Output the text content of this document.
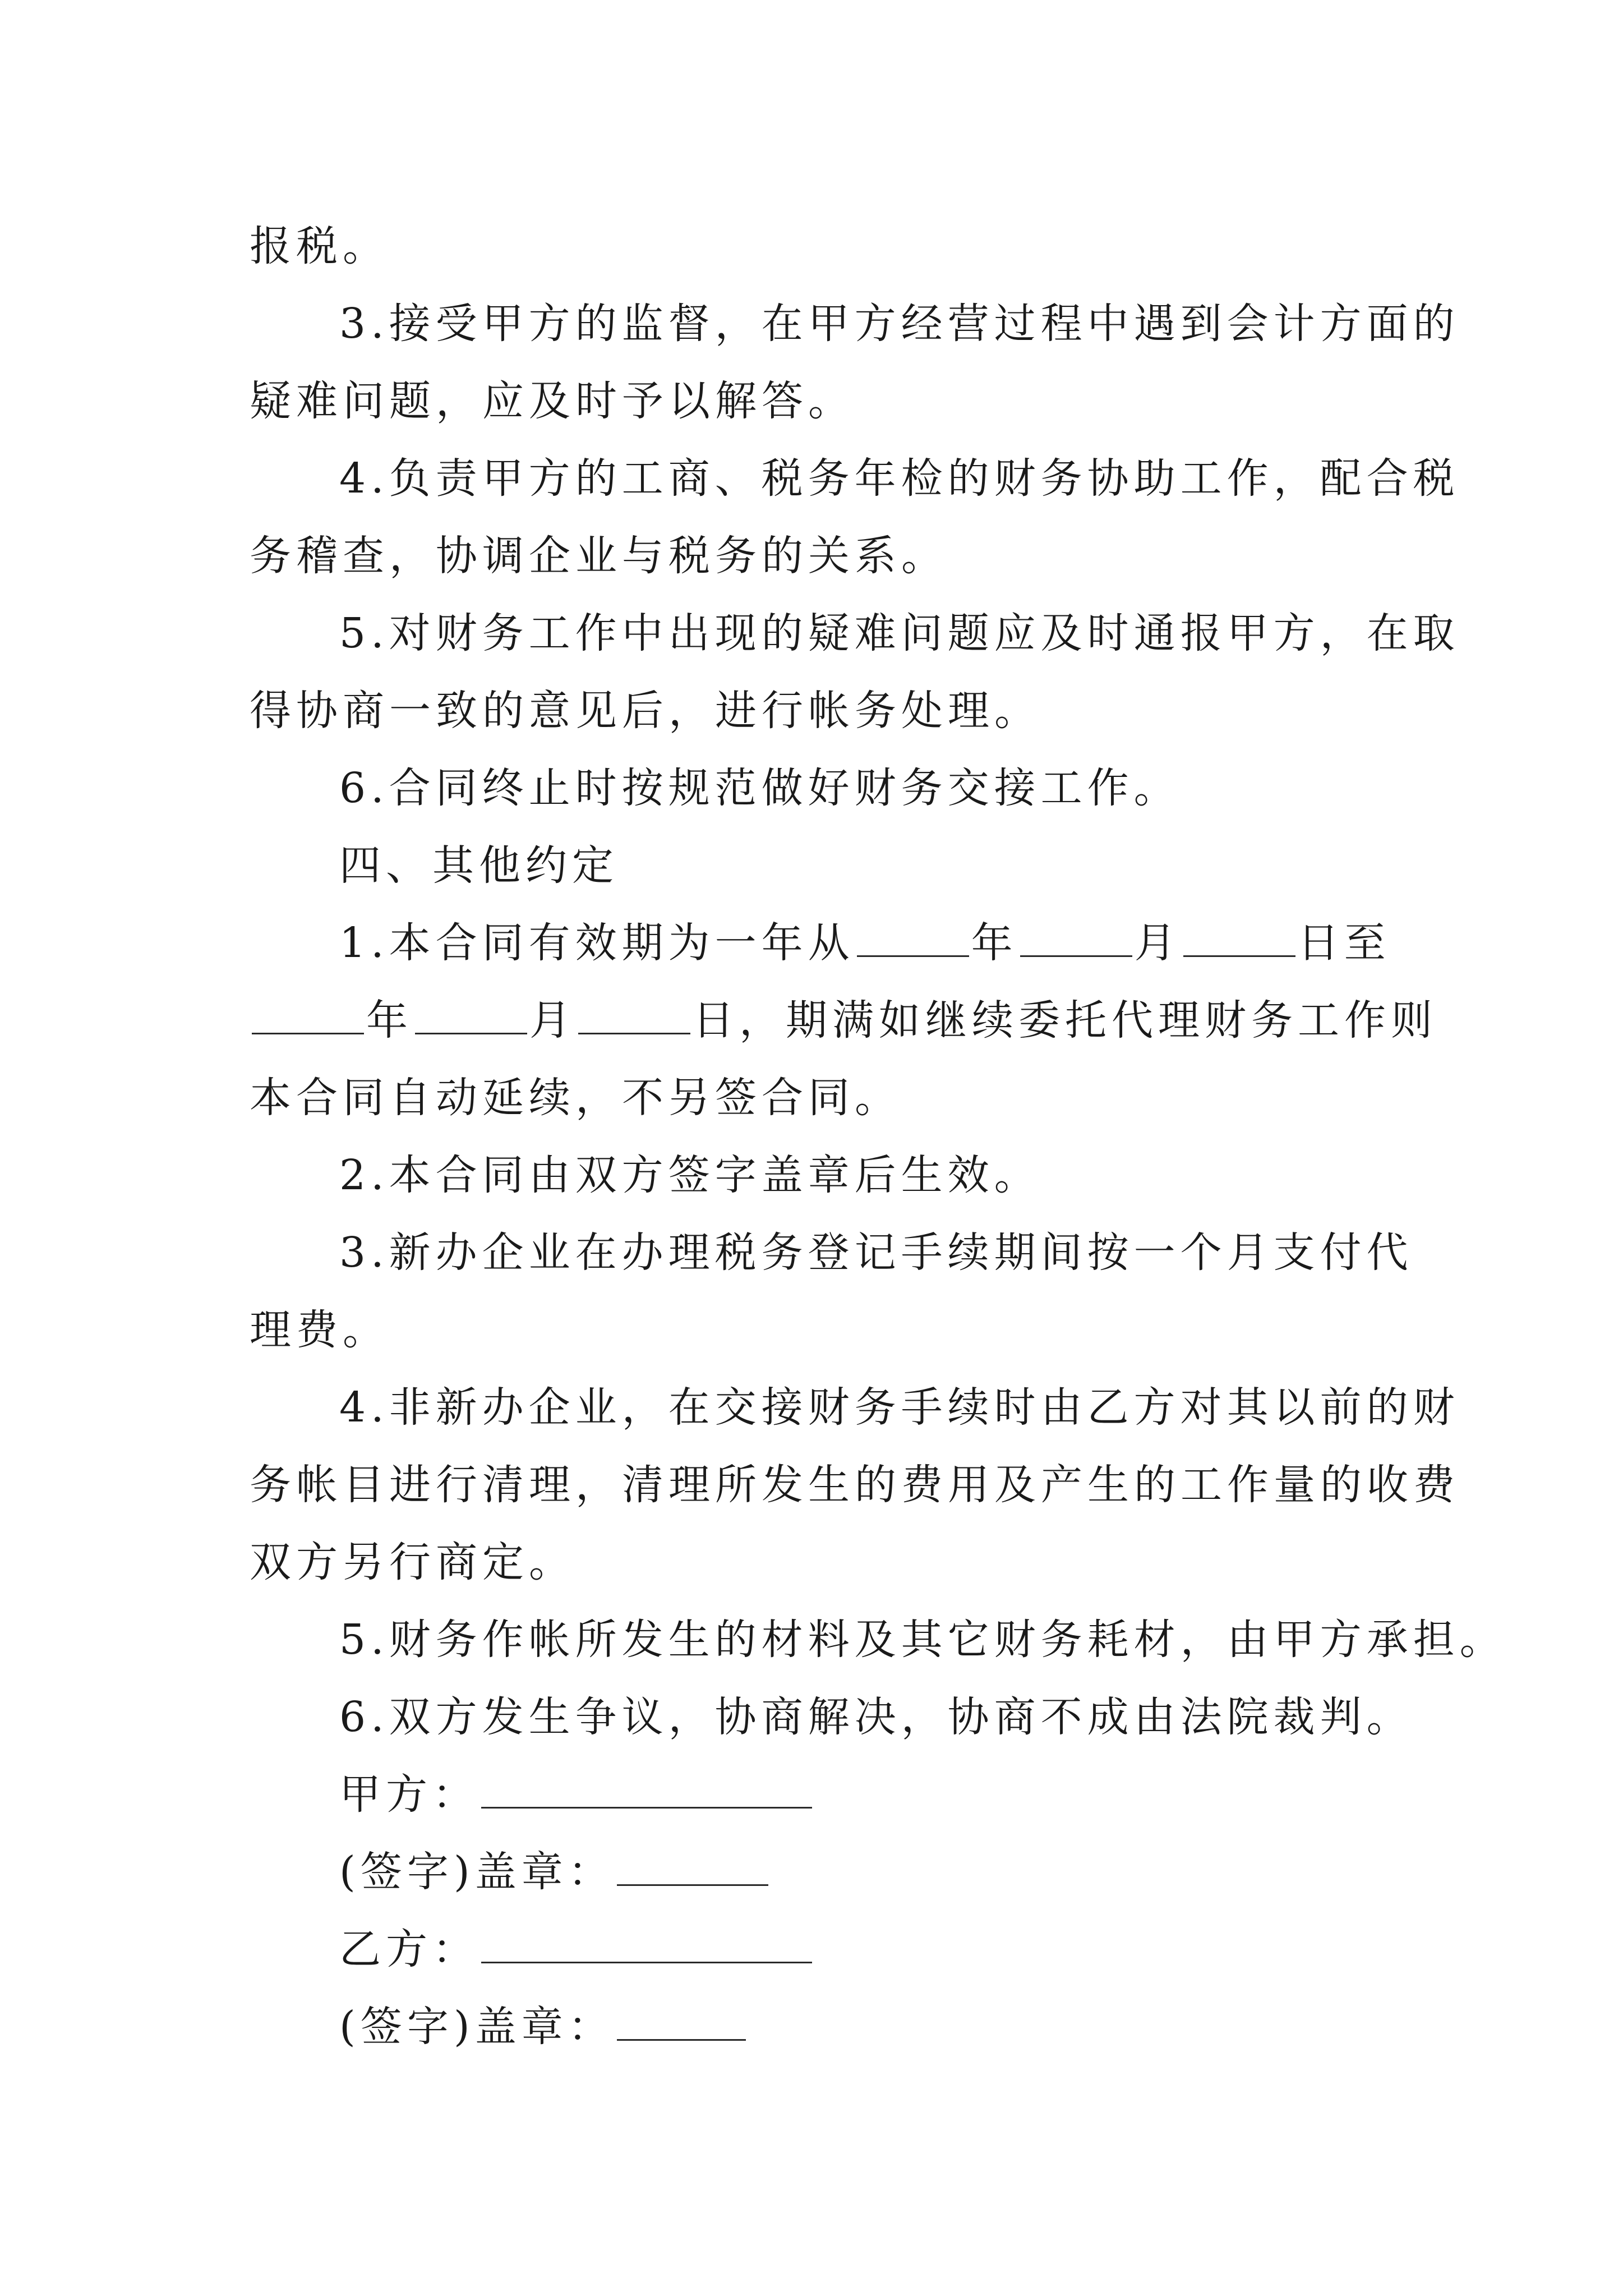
报税。
3.接受甲方的监督，在甲方经营过程中遇到会计方面的
疑难问题，应及时予以解答。
4.负责甲方的工商、税务年检的财务协助工作，配合税
务稽查，协调企业与税务的关系。
5.对财务工作中出现的疑难问题应及时通报甲方，在取
得协商一致的意见后，进行帐务处理。
6.合同终止时按规范做好财务交接工作。
四、其他约定
1.本合同有效期为一年从	年	月	日至
年	月	日，期满如继续委托代理财务工作则
本合同自动延续，不另签合同。
2.本合同由双方签字盖章后生效。
3.新办企业在办理税务登记手续期间按一个月支付代
理费。
4.非新办企业，在交接财务手续时由乙方对其以前的财
务帐目进行清理，清理所发生的费用及产生的工作量的收费
双方另行商定。
5.财务作帐所发生的材料及其它财务耗材，由甲方承担。
6.双方发生争议，协商解决，协商不成由法院裁判。
甲方：
(签字)盖章：
乙方：
(签字)盖章：
